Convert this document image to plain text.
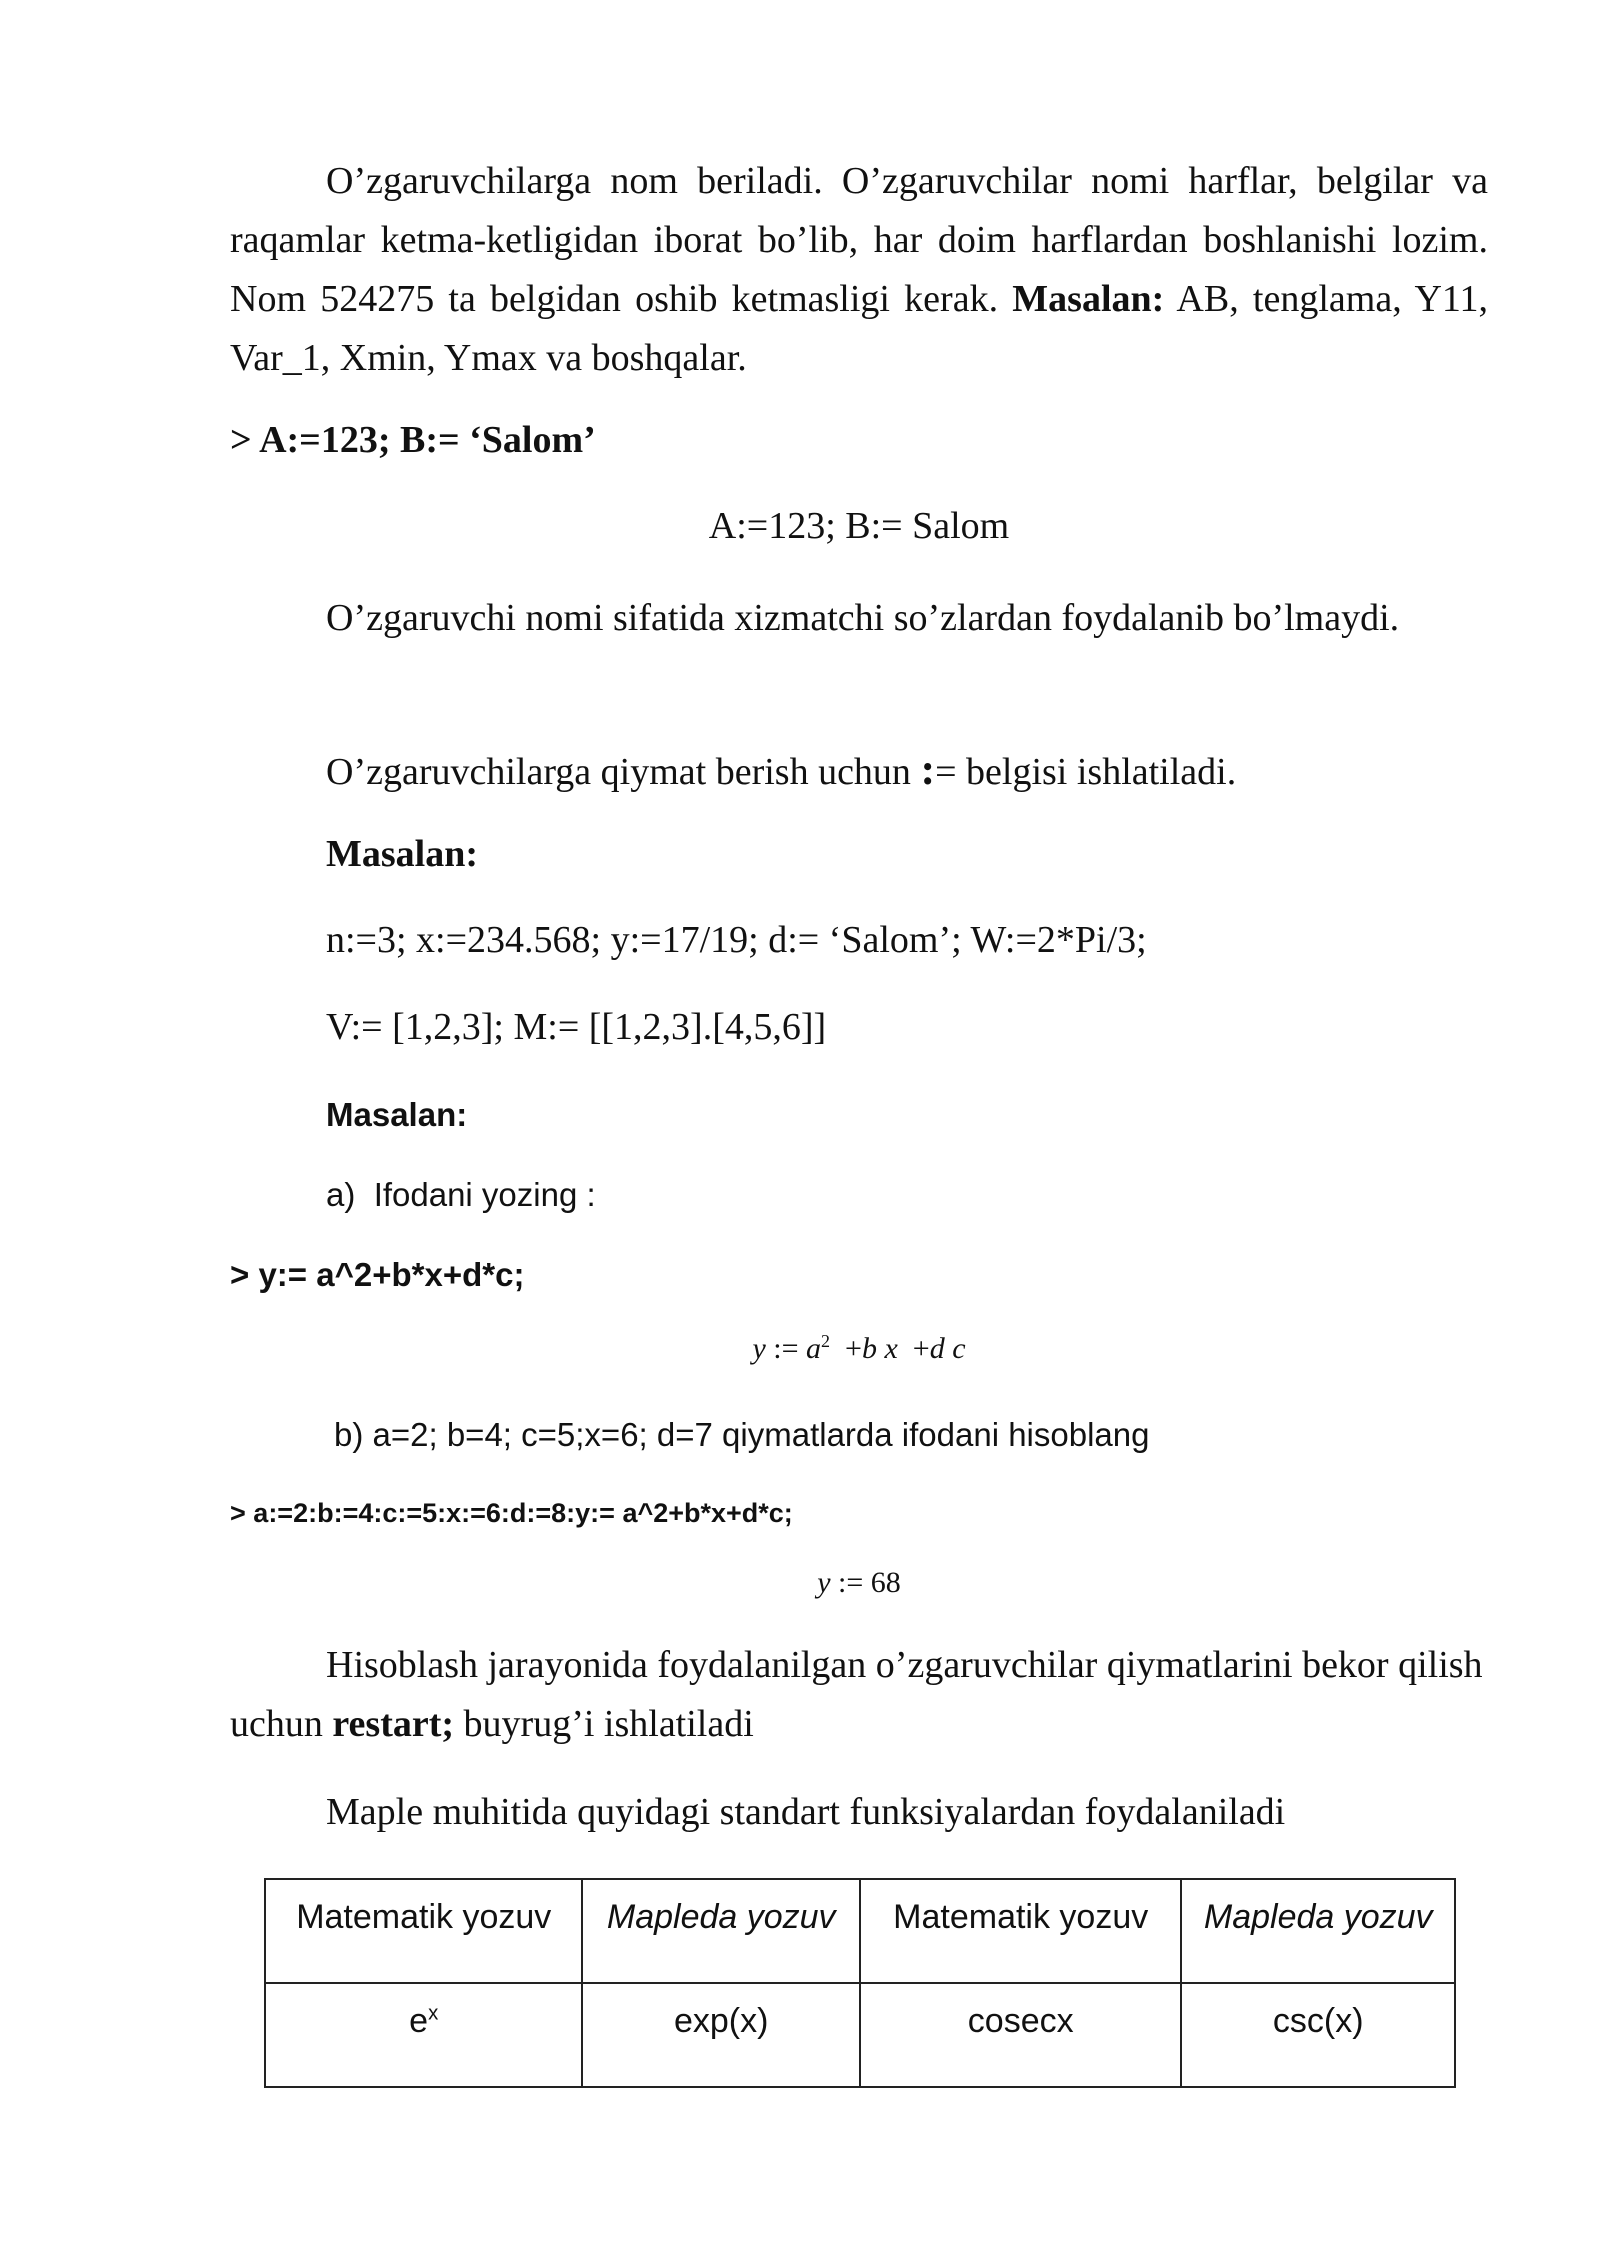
O’zgaruvchilarga nom beriladi. O’zgaruvchilar nomi harflar, belgilar va raqamlar ketma-ketligidan iborat bo’lib, har doim harflardan boshlanishi lozim. Nom 524275 ta belgidan oshib ketmasligi kerak. Masalan: AB, tenglama, Y11, Var_1, Xmin, Ymax va boshqalar.
> A:=123; B:= ‘Salom’
A:=123; B:= Salom
O’zgaruvchi nomi sifatida xizmatchi so’zlardan foydalanib bo’lmaydi.
O’zgaruvchilarga qiymat berish uchun := belgisi ishlatiladi.
Masalan:
n:=3; x:=234.568; y:=17/19; d:= ‘Salom’; W:=2*Pi/3;
V:= [1,2,3]; M:= [[1,2,3].[4,5,6]]
Masalan:
a) Ifodani yozing :
> y:= a^2+b*x+d*c;
y := $a^2 +b$ x +d c
b) a=2; b=4; c=5;x=6; d=7 qiymatlarda ifodani hisoblang
> a:=2:b:=4:c:=5:x:=6:d:=8:y:= a^2+b*x+d*c;
y := 68
Hisoblash jarayonida foydalanilgan o’zgaruvchilar qiymatlarini bekor qilish uchun restart; buyrug’i ishlatiladi
Maple muhitida quyidagi standart funksiyalardan foydalaniladi
Matematik yozuv	Mapleda yozuv	Matematik yozuv	Mapleda yozuv
$e^x$	exp(x)	cosecx	csc(x)
